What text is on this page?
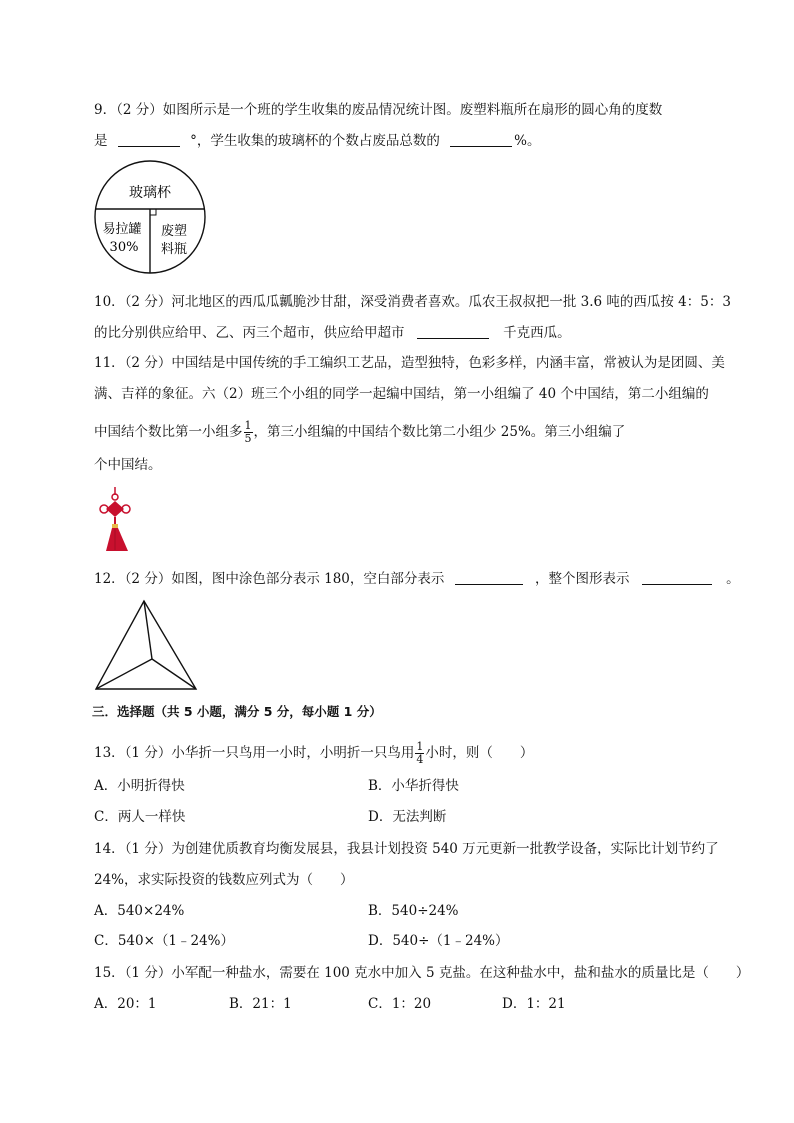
9．（2 分）如图所示是一个班的学生收集的废品情况统计图。废塑料瓶所在扇形的圆心角的度数
是	°，学生收集的玻璃杯的个数占废品总数的	%。
玻璃杯
易拉罐
30%
废塑
料瓶
10．（2 分）河北地区的西瓜瓜瓤脆沙甘甜，深受消费者喜欢。瓜农王叔叔把一批 3.6 吨的西瓜按 4：5：3
的比分别供应给甲、乙、丙三个超市，供应给甲超市	千克西瓜。
11．（2 分）中国结是中国传统的手工编织工艺品，造型独特，色彩多样，内涵丰富，常被认为是团圆、美
满、吉祥的象征。六（2）班三个小组的同学一起编中国结，第一小组编了 40 个中国结，第二小组编的
中国结个数比第一小组多 $\frac{1}{5}$ ，第三小组编的中国结个数比第二小组少 25%。第三小组编了
个中国结。
12．（2 分）如图，图中涂色部分表示 180，空白部分表示	，整个图形表示	。
三．选择题（共 5 小题，满分 5 分，每小题 1 分）
13．（1 分）小华折一只鸟用一小时，小明折一只鸟用 $\frac{1}{4}$ 小时，则（　　）
A．小明折得快	B．小华折得快
C．两人一样快	D．无法判断
14．（1 分）为创建优质教育均衡发展县，我县计划投资 540 万元更新一批教学设备，实际比计划节约了
24%，求实际投资的钱数应列式为（　　）
A．540×24%	B．540÷24%
C．540×（1﹣24%）	D．540÷（1﹣24%）
15．（1 分）小军配一种盐水，需要在 100 克水中加入 5 克盐。在这种盐水中，盐和盐水的质量比是（　　）
A．20：1	B．21：1	C．1：20	D．1：21
